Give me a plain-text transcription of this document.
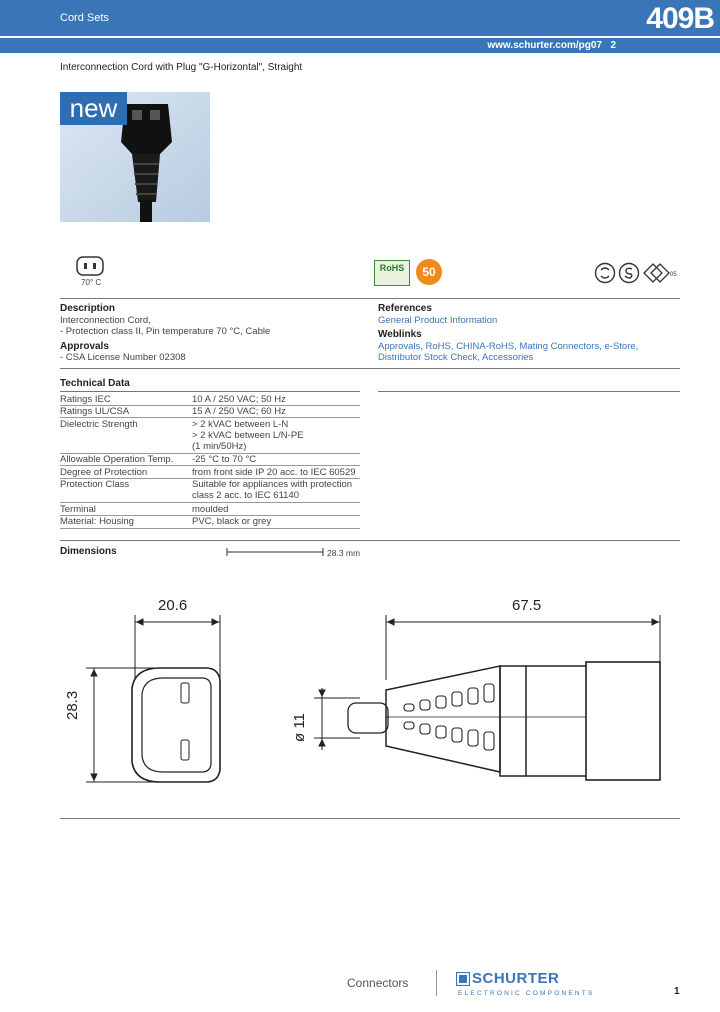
Cord Sets	409B
www.schurter.com/pg07 2
Interconnection Cord with Plug "G-Horizontal", Straight
new
70° C
RoHS	50	05
Description
Interconnection Cord,
- Protection class II, Pin temperature 70 °C, Cable
Approvals
- CSA License Number 02308
References
General Product Information
Weblinks
Approvals, RoHS, CHINA-RoHS, Mating Connectors, e-Store,
Distributor Stock Check, Accessories
Technical Data
Ratings IEC	10 A / 250 VAC; 50 Hz
Ratings UL/CSA	15 A / 250 VAC; 60 Hz
Dielectric Strength	> 2 kVAC between L-N
> 2 kVAC between L/N-PE
(1 min/50Hz)
Allowable Operation Temp. -25 °C to 70 °C
Degree of Protection	from front side IP 20 acc. to IEC 60529
Protection Class	Suitable for appliances with protection
class 2 acc. to IEC 61140
Terminal	moulded
Material: Housing	PVC, black or grey
Dimensions	28.3 mm
20.6
28.3
67.5
ø 11
Connectors	SCHURTER
ELECTRONIC COMPONENTS	1
